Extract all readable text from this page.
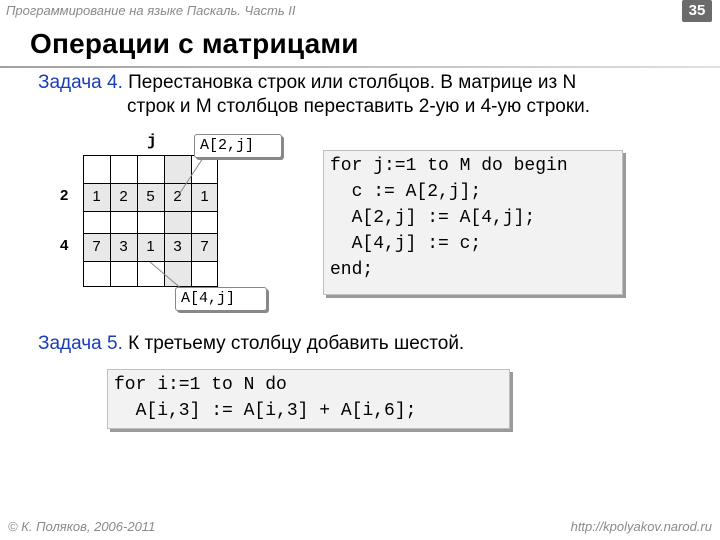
Программирование на языке Паскаль. Часть II	35
Операции с матрицами
Задача 4. Перестановка строк или столбцов. В матрице из N
строк и M столбцов переставить 2-ую и 4-ую строки.
1	2	5	2	1
7	3	1	3	7
2
4
j	A[2,j]
A[4,j]
for j:=1 to M do begin
c := A[2,j];
A[2,j] := A[4,j];
A[4,j] := c;
end;
Задача 5. К третьему столбцу добавить шестой.
for i:=1 to N do
A[i,3] := A[i,3] + A[i,6];
© К. Поляков, 2006-2011	http://kpolyakov.narod.ru
